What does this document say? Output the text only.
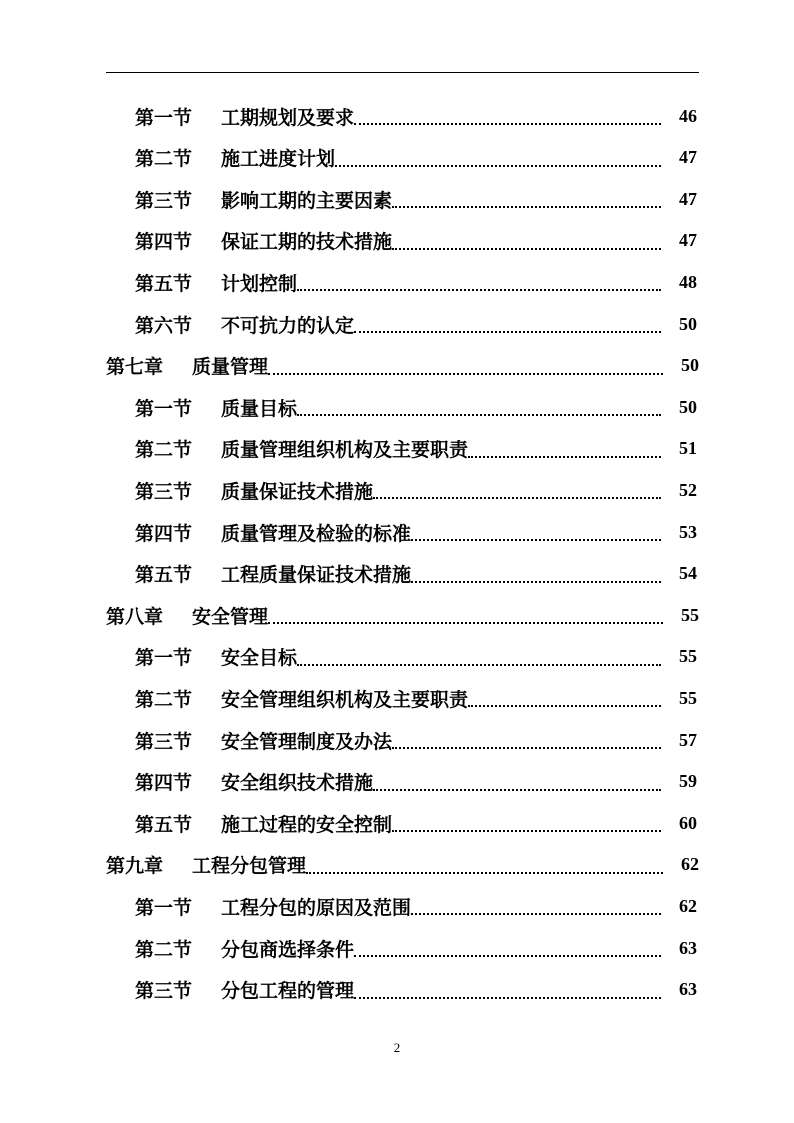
第一节	工期规划及要求	46
第二节	施工进度计划	47
第三节	影响工期的主要因素	47
第四节	保证工期的技术措施	47
第五节	计划控制	48
第六节	不可抗力的认定	50
第七章	质量管理	50
第一节	质量目标	50
第二节	质量管理组织机构及主要职责	51
第三节	质量保证技术措施	52
第四节	质量管理及检验的标准	53
第五节	工程质量保证技术措施	54
第八章	安全管理	55
第一节	安全目标	55
第二节	安全管理组织机构及主要职责	55
第三节	安全管理制度及办法	57
第四节	安全组织技术措施	59
第五节	施工过程的安全控制	60
第九章	工程分包管理	62
第一节	工程分包的原因及范围	62
第二节	分包商选择条件	63
第三节	分包工程的管理	63
2
